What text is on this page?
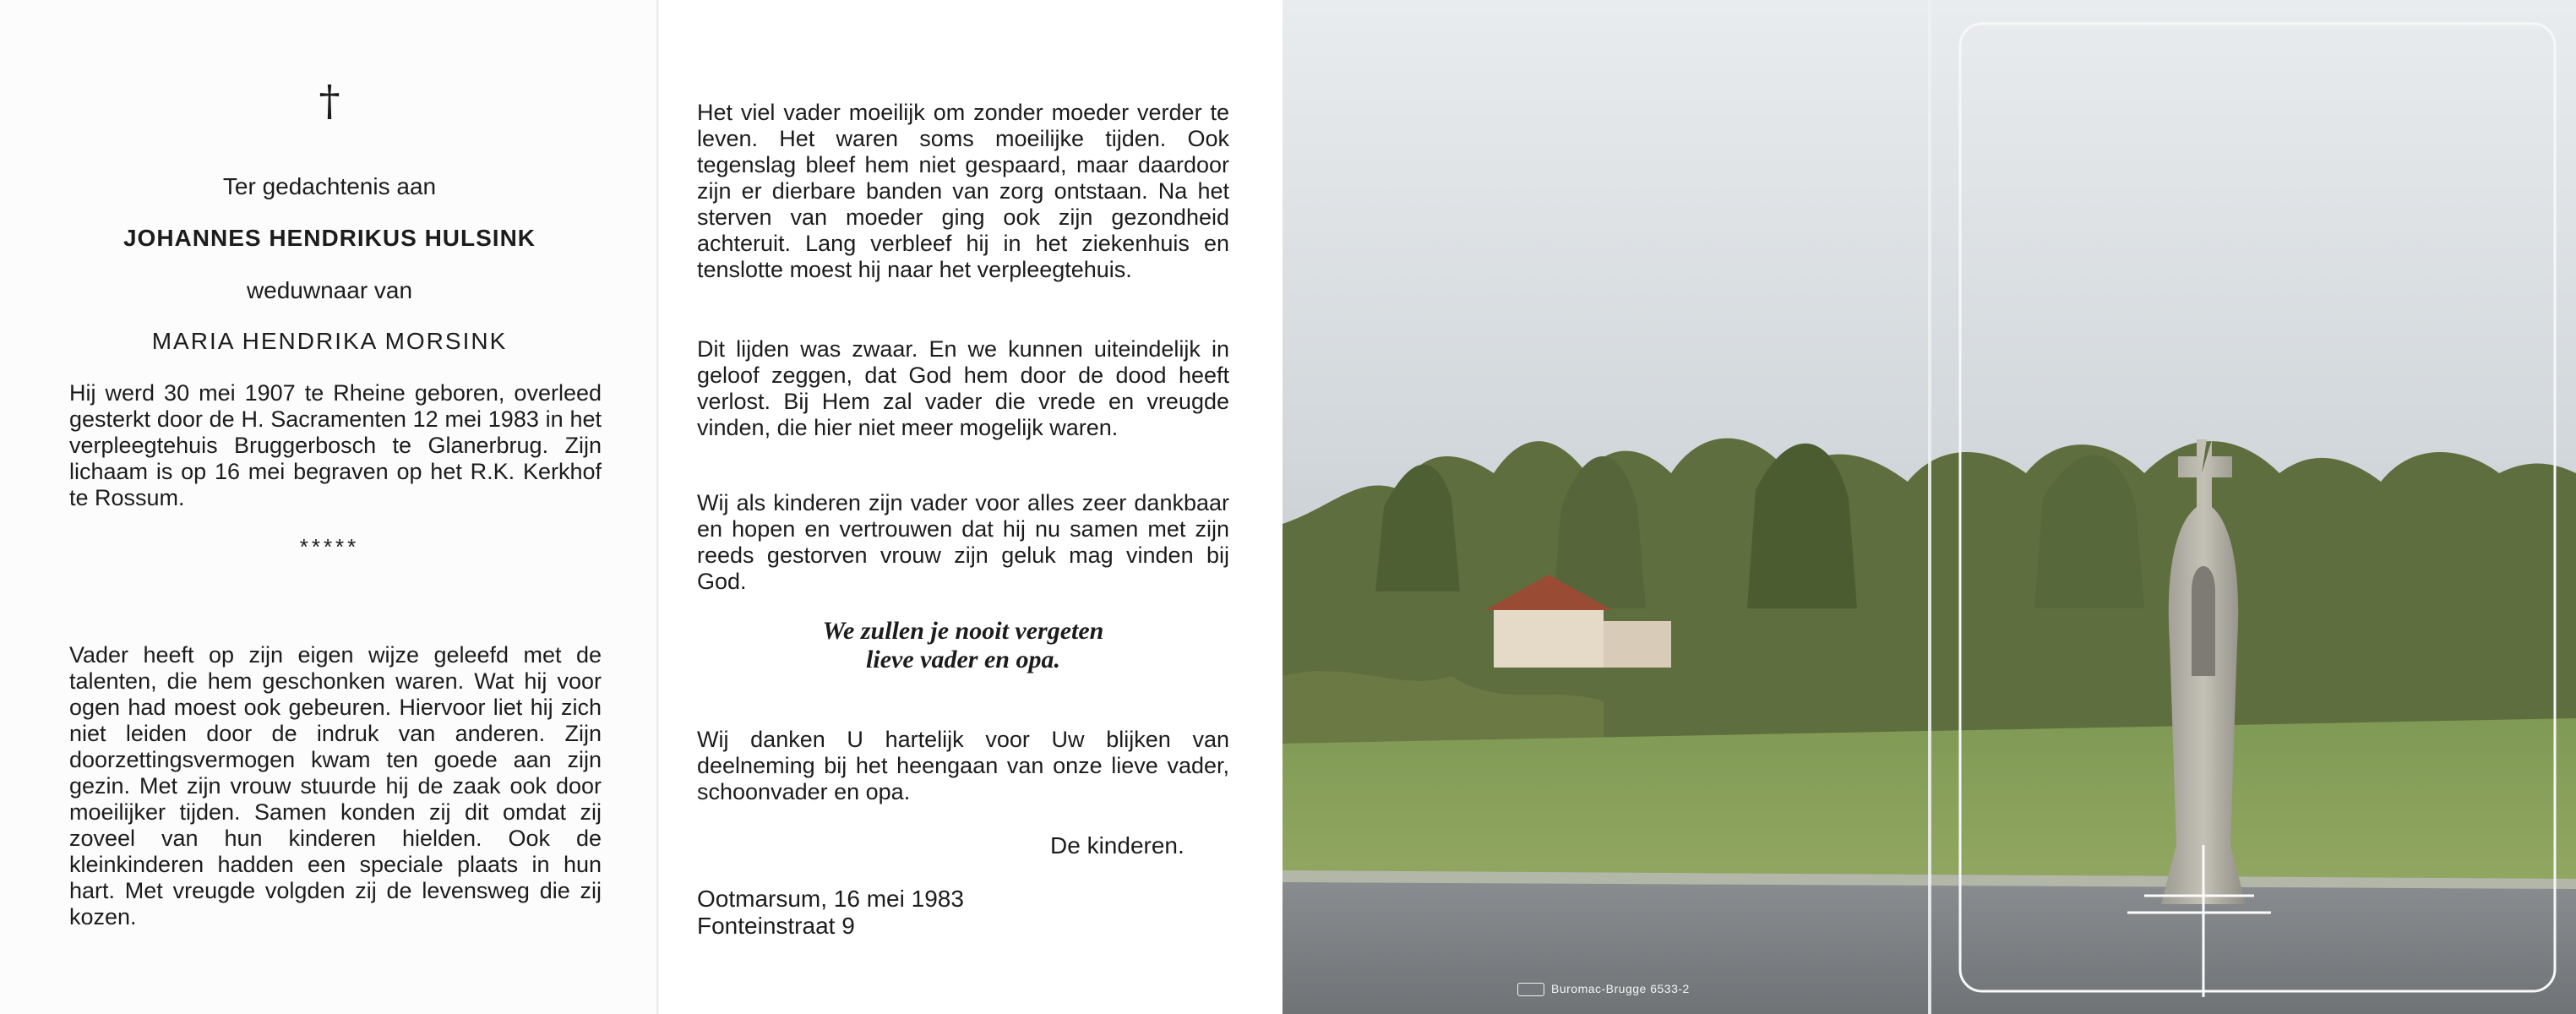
†
Ter gedachtenis aan
JOHANNES HENDRIKUS HULSINK
weduwnaar van
MARIA HENDRIKA MORSINK
Hij werd 30 mei 1907 te Rheine geboren, overleed gesterkt door de H. Sacramenten 12 mei 1983 in het verpleegtehuis Bruggerbosch te Glanerbrug. Zijn lichaam is op 16 mei begraven op het R.K. Kerkhof te Rossum.
*****
Vader heeft op zijn eigen wijze geleefd met de talenten, die hem geschonken waren. Wat hij voor ogen had moest ook gebeuren. Hiervoor liet hij zich niet leiden door de indruk van anderen. Zijn doorzettingsvermogen kwam ten goede aan zijn gezin. Met zijn vrouw stuurde hij de zaak ook door moeilijker tijden. Samen konden zij dit omdat zij zoveel van hun kinderen hielden. Ook de kleinkinderen hadden een speciale plaats in hun hart. Met vreugde volgden zij de levensweg die zij kozen.
Het viel vader moeilijk om zonder moeder verder te leven. Het waren soms moeilijke tijden. Ook tegenslag bleef hem niet gespaard, maar daardoor zijn er dierbare banden van zorg ontstaan. Na het sterven van moeder ging ook zijn gezondheid achteruit. Lang verbleef hij in het ziekenhuis en tenslotte moest hij naar het verpleegtehuis.
Dit lijden was zwaar. En we kunnen uiteindelijk in geloof zeggen, dat God hem door de dood heeft verlost. Bij Hem zal vader die vrede en vreugde vinden, die hier niet meer mogelijk waren.
Wij als kinderen zijn vader voor alles zeer dankbaar en hopen en vertrouwen dat hij nu samen met zijn reeds gestorven vrouw zijn geluk mag vinden bij God.
We zullen je nooit vergeten
lieve vader en opa.
Wij danken U hartelijk voor Uw blijken van deelneming bij het heengaan van onze lieve vader, schoonvader en opa.
De kinderen.
Ootmarsum, 16 mei 1983
Fonteinstraat 9
Buromac-Brugge 6533-2
